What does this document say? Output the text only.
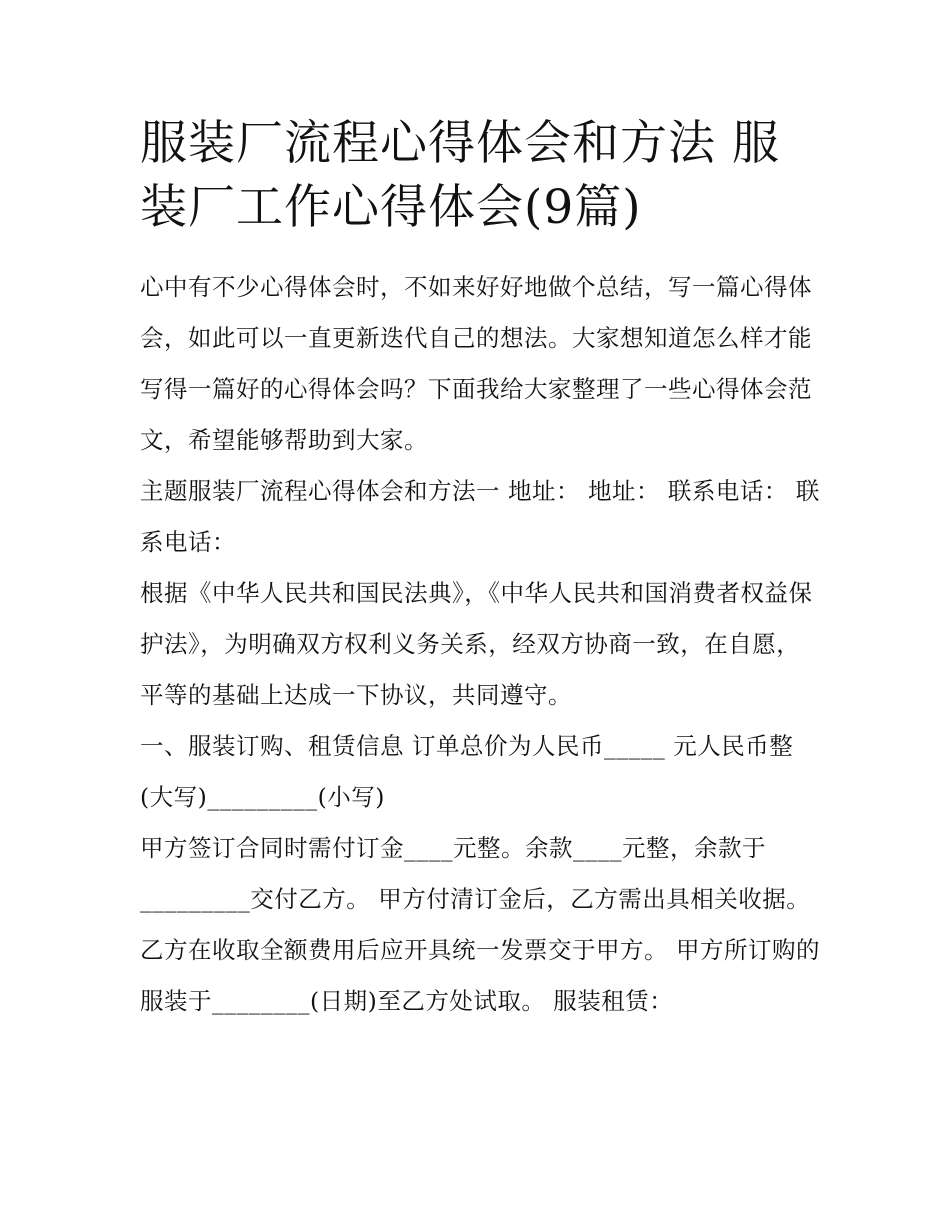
服装厂流程心得体会和方法 服装厂工作心得体会(9篇)

心中有不少心得体会时，不如来好好地做个总结，写一篇心得体会，如此可以一直更新迭代自己的想法。大家想知道怎么样才能写得一篇好的心得体会吗？下面我给大家整理了一些心得体会范文，希望能够帮助到大家。

主题服装厂流程心得体会和方法一 地址： 地址： 联系电话： 联系电话：

根据《中华人民共和国民法典》，《中华人民共和国消费者权益保护法》，为明确双方权利义务关系，经双方协商一致，在自愿，平等的基础上达成一下协议，共同遵守。

一、服装订购、租赁信息 订单总价为人民币_____ 元人民币整(大写)_________(小写)

甲方签订合同时需付订金____元整。余款____元整，余款于_________交付乙方。 甲方付清订金后，乙方需出具相关收据。

乙方在收取全额费用后应开具统一发票交于甲方。 甲方所订购的服装于________(日期)至乙方处试取。 服装租赁：
